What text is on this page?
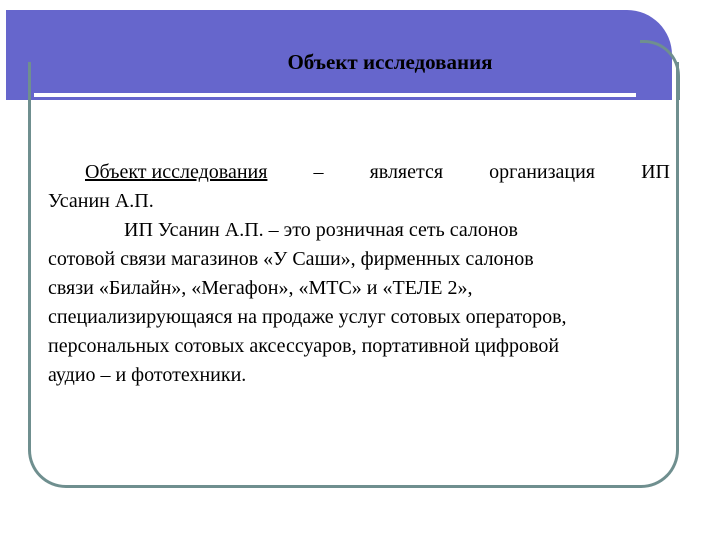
Объект исследования
Объект исследования – является организация ИП
Усанин А.П.
ИП Усанин А.П. – это розничная сеть салонов
сотовой связи магазинов «У Саши», фирменных салонов
связи «Билайн», «Мегафон», «МТС» и «ТЕЛЕ 2»,
специализирующаяся на продаже услуг сотовых операторов,
персональных сотовых аксессуаров, портативной цифровой
аудио – и фототехники.
